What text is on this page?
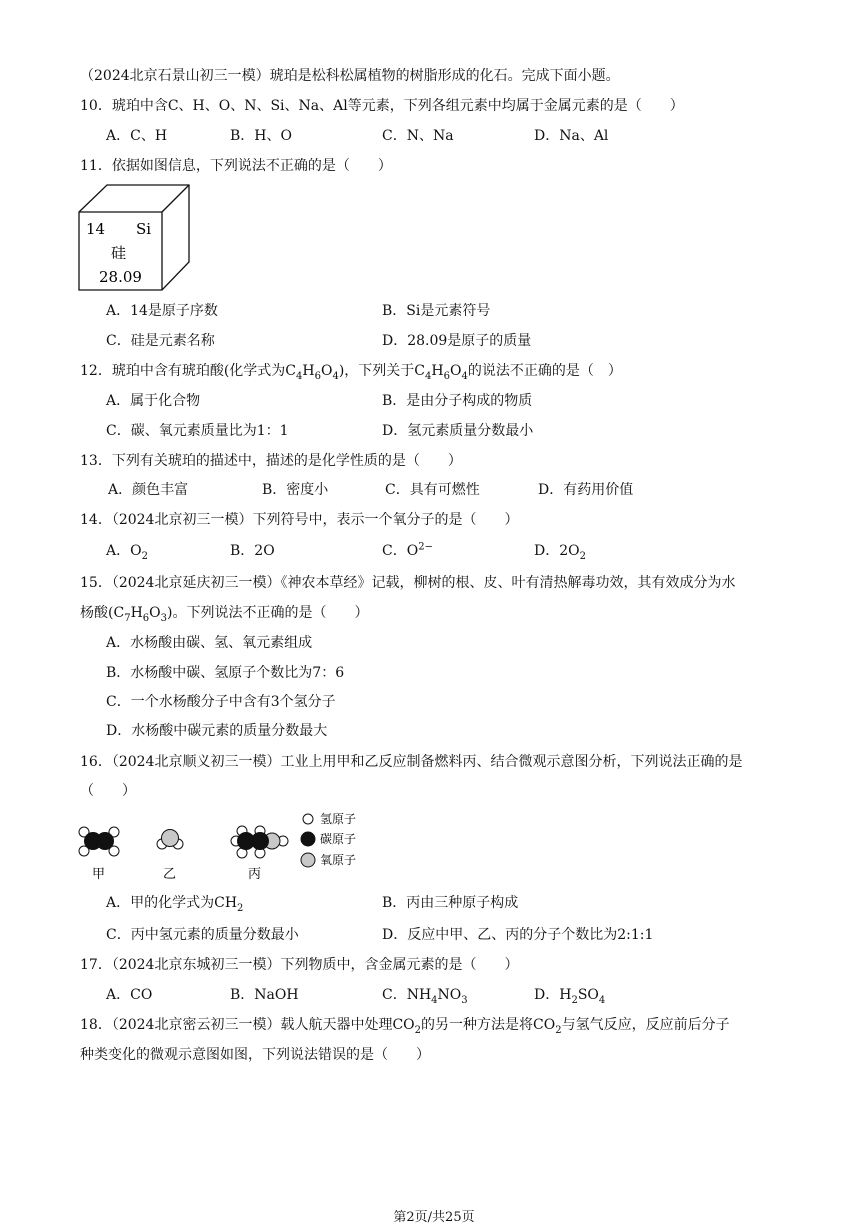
（2024北京石景山初三一模）琥珀是松科松属植物的树脂形成的化石。完成下面小题。
10．琥珀中含C、H、O、N、Si、Na、Al等元素，下列各组元素中均属于金属元素的是（　　）
A．C、H	B．H、O	C．N、Na	D．Na、Al
11．依据如图信息，下列说法不正确的是（　　）
14 Si
硅
28.09
A．14是原子序数	B．Si是元素符号
C．硅是元素名称	D．28.09是原子的质量
12．琥珀中含有琥珀酸(化学式为$C_4H_6O_4$)，下列关于$C_4H_6O_4$的说法不正确的是（　）
A．属于化合物	B．是由分子构成的物质
C．碳、氧元素质量比为1：1	D．氢元素质量分数最小
13．下列有关琥珀的描述中，描述的是化学性质的是（　　）
A．颜色丰富	B．密度小	C．具有可燃性	D．有药用价值
14．（2024北京初三一模）下列符号中，表示一个氧分子的是（　　）
A．$O_2$	B．2O	C．$O^{2-}$	D．$2O_2$
15．（2024北京延庆初三一模）《神农本草经》记载，柳树的根、皮、叶有清热解毒功效，其有效成分为水
杨酸$(C_7H_6O_3)$。下列说法不正确的是（　　）
A．水杨酸由碳、氢、氧元素组成
B．水杨酸中碳、氢原子个数比为7：6
C．一个水杨酸分子中含有3个氢分子
D．水杨酸中碳元素的质量分数最大
16．（2024北京顺义初三一模）工业上用甲和乙反应制备燃料丙、结合微观示意图分析，下列说法正确的是
（　　）
甲	乙	丙
氢原子
碳原子
氧原子
A．甲的化学式为$CH_2$	B．丙由三种原子构成
C．丙中氢元素的质量分数最小	D．反应中甲、乙、丙的分子个数比为2:1:1
17．（2024北京东城初三一模）下列物质中，含金属元素的是（　　）
A．CO	B．NaOH	C．$NH_4NO_3$	D．$H_2SO_4$
18．（2024北京密云初三一模）载人航天器中处理$CO_2$的另一种方法是将$CO_2$与氢气反应，反应前后分子
种类变化的微观示意图如图，下列说法错误的是（　　）
第2页/共25页
